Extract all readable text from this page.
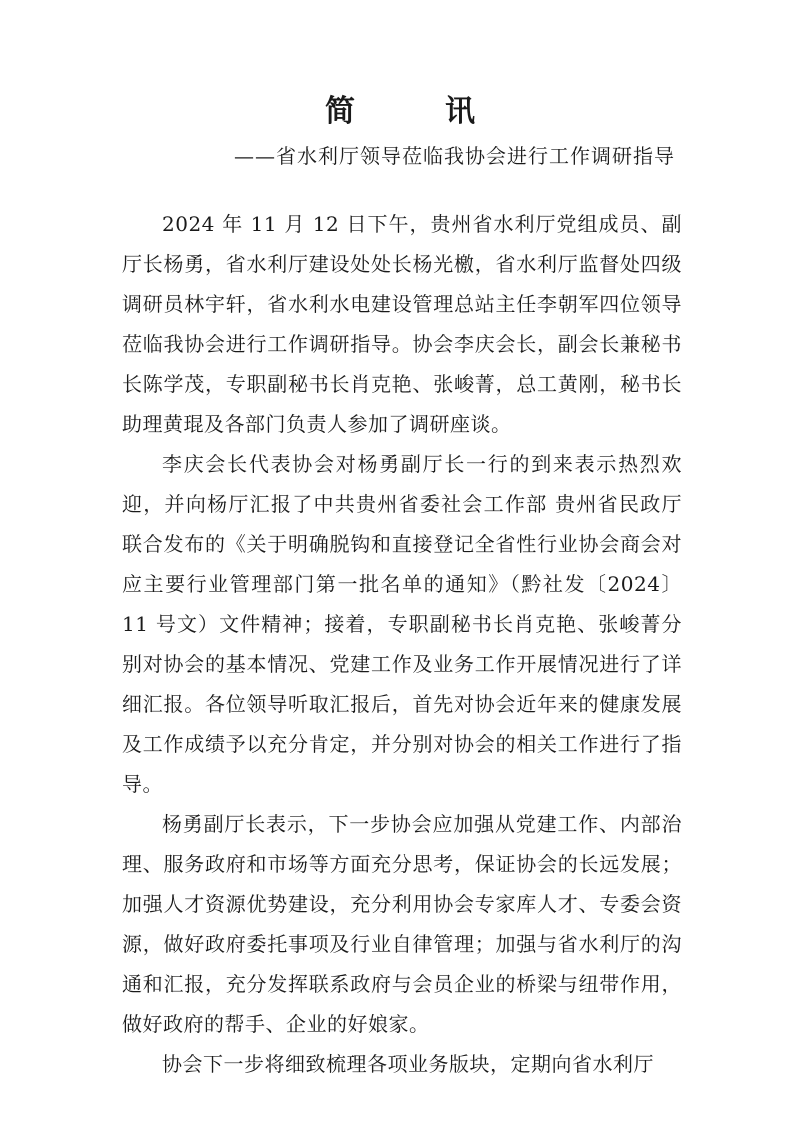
简　讯
——省水利厅领导莅临我协会进行工作调研指导

2024 年 11 月 12 日下午，贵州省水利厅党组成员、副厅长杨勇，省水利厅建设处处长杨光檄，省水利厅监督处四级调研员林宇轩，省水利水电建设管理总站主任李朝军四位领导莅临我协会进行工作调研指导。协会李庆会长，副会长兼秘书长陈学茂，专职副秘书长肖克艳、张峻菁，总工黄刚，秘书长助理黄琨及各部门负责人参加了调研座谈。

李庆会长代表协会对杨勇副厅长一行的到来表示热烈欢迎，并向杨厅汇报了中共贵州省委社会工作部 贵州省民政厅联合发布的《关于明确脱钩和直接登记全省性行业协会商会对应主要行业管理部门第一批名单的通知》（黔社发〔2024〕11 号文）文件精神；接着，专职副秘书长肖克艳、张峻菁分别对协会的基本情况、党建工作及业务工作开展情况进行了详细汇报。各位领导听取汇报后，首先对协会近年来的健康发展及工作成绩予以充分肯定，并分别对协会的相关工作进行了指导。

杨勇副厅长表示，下一步协会应加强从党建工作、内部治理、服务政府和市场等方面充分思考，保证协会的长远发展；加强人才资源优势建设，充分利用协会专家库人才、专委会资源，做好政府委托事项及行业自律管理；加强与省水利厅的沟通和汇报，充分发挥联系政府与会员企业的桥梁与纽带作用，做好政府的帮手、企业的好娘家。

协会下一步将细致梳理各项业务版块，定期向省水利厅
